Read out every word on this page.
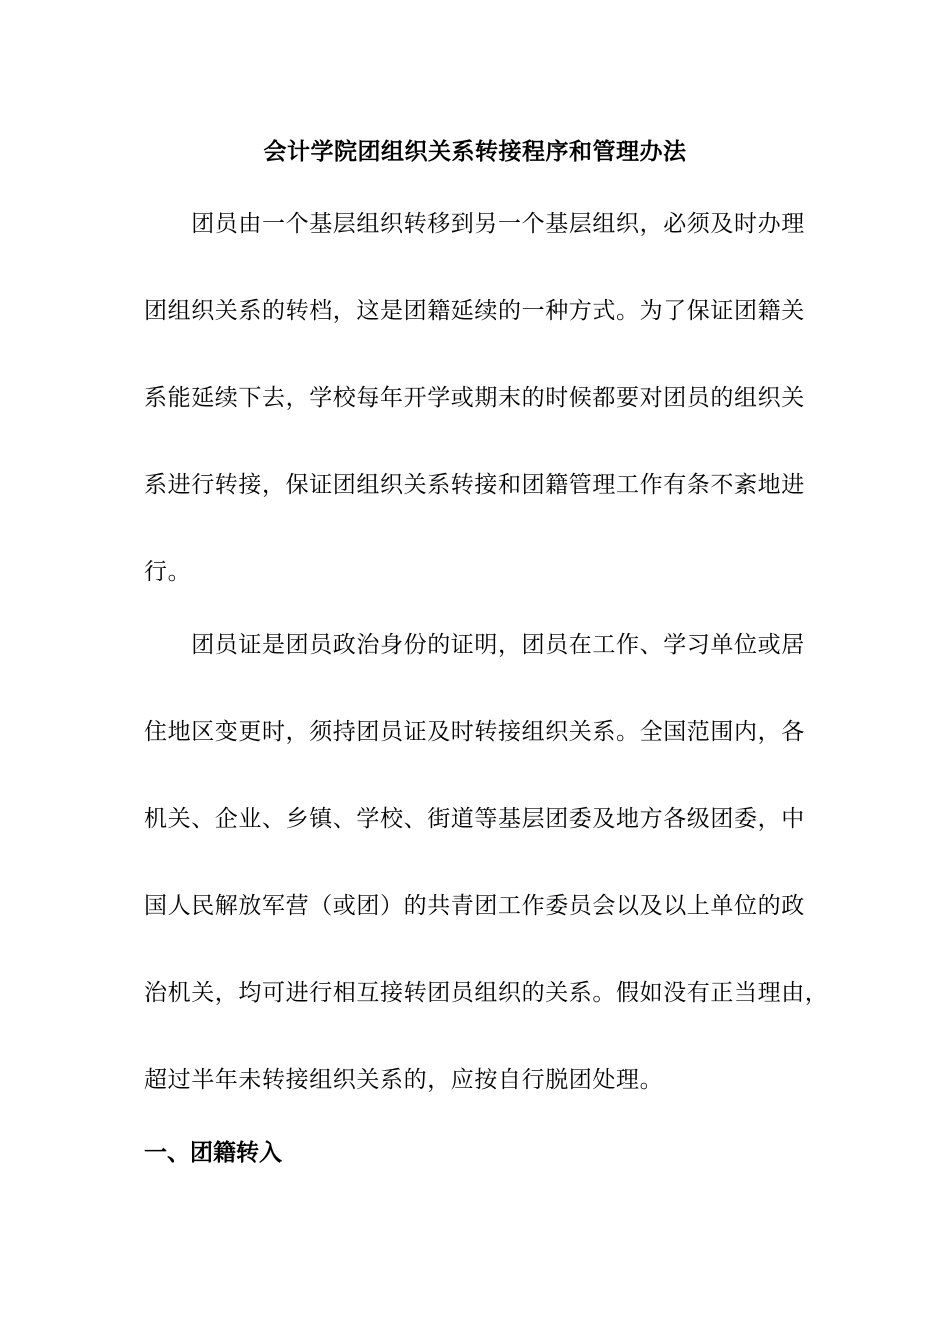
会计学院团组织关系转接程序和管理办法
　　团员由一个基层组织转移到另一个基层组织，必须及时办理
团组织关系的转档，这是团籍延续的一种方式。为了保证团籍关
系能延续下去，学校每年开学或期末的时候都要对团员的组织关
系进行转接，保证团组织关系转接和团籍管理工作有条不紊地进
行。
　　团员证是团员政治身份的证明，团员在工作、学习单位或居
住地区变更时，须持团员证及时转接组织关系。全国范围内，各
机关、企业、乡镇、学校、街道等基层团委及地方各级团委，中
国人民解放军营（或团）的共青团工作委员会以及以上单位的政
治机关，均可进行相互接转团员组织的关系。假如没有正当理由，
超过半年未转接组织关系的，应按自行脱团处理。
一、团籍转入
